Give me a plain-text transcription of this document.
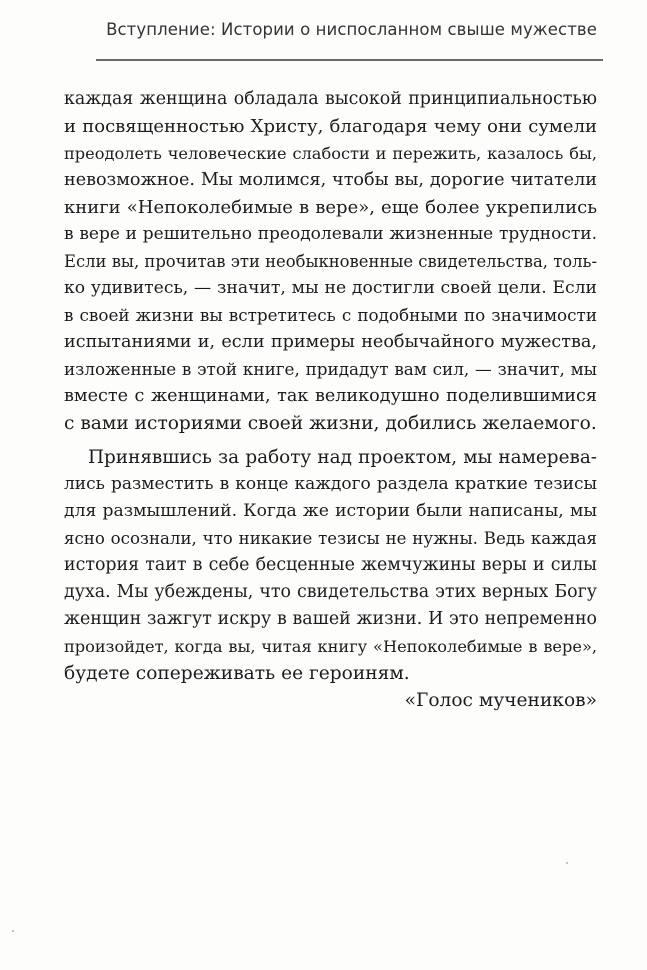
Вступление: Истории о ниспосланном свыше мужестве
каждая женщина обладала высокой принципиальностью
и посвященностью Христу, благодаря чему они сумели
преодолеть человеческие слабости и пережить, казалось бы,
невозможное. Мы молимся, чтобы вы, дорогие читатели
книги «Непоколебимые в вере», еще более укрепились
в вере и решительно преодолевали жизненные трудности.
Если вы, прочитав эти необыкновенные свидетельства, толь-
ко удивитесь, — значит, мы не достигли своей цели. Если
в своей жизни вы встретитесь с подобными по значимости
испытаниями и, если примеры необычайного мужества,
изложенные в этой книге, придадут вам сил, — значит, мы
вместе с женщинами, так великодушно поделившимися
с вами историями своей жизни, добились желаемого.
Принявшись за работу над проектом, мы намерева-
лись разместить в конце каждого раздела краткие тезисы
для размышлений. Когда же истории были написаны, мы
ясно осознали, что никакие тезисы не нужны. Ведь каждая
история таит в себе бесценные жемчужины веры и силы
духа. Мы убеждены, что свидетельства этих верных Богу
женщин зажгут искру в вашей жизни. И это непременно
произойдет, когда вы, читая книгу «Непоколебимые в вере»,
будете сопереживать ее героиням.
«Голос мучеников»
